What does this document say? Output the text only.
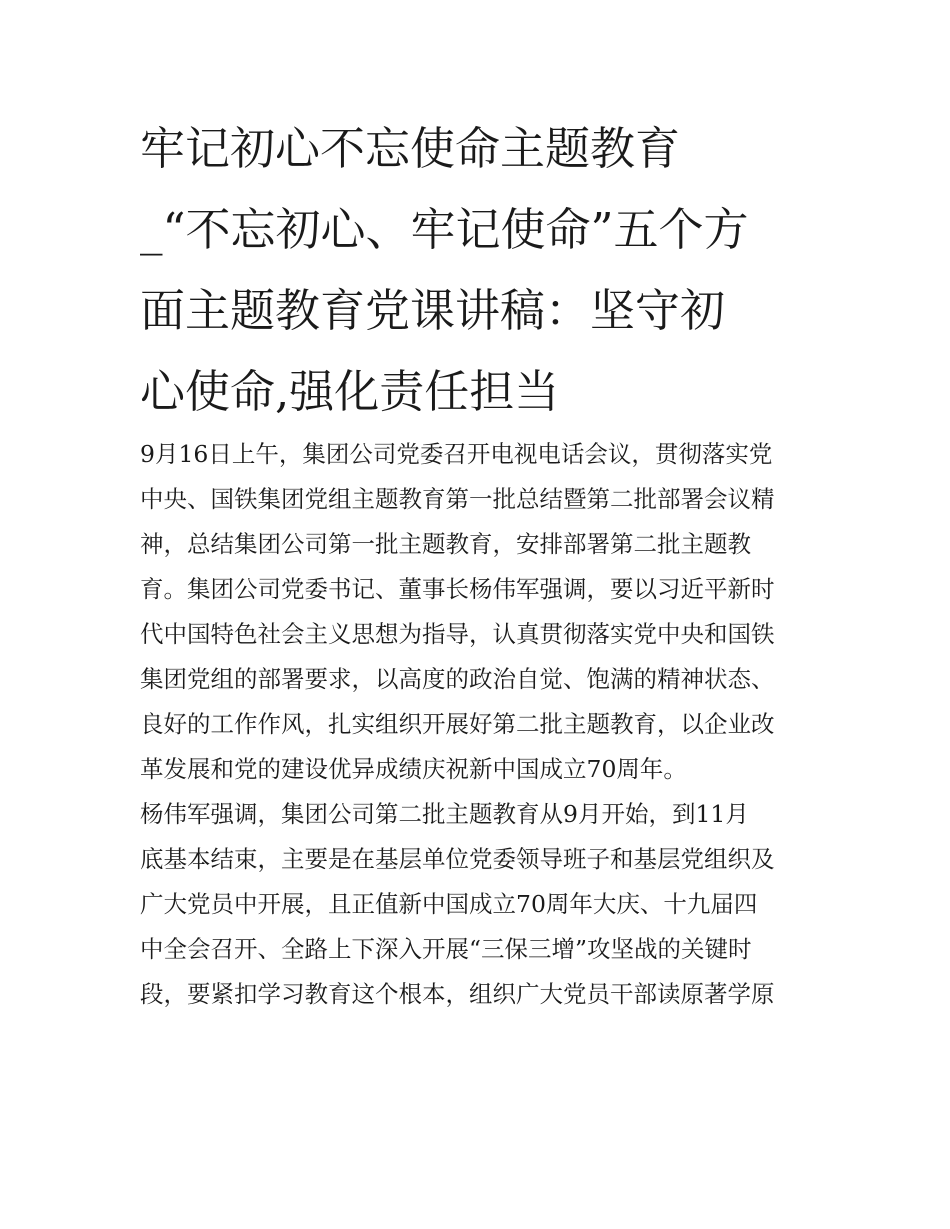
牢记初心不忘使命主题教育
_“不忘初心、牢记使命”五个方
面主题教育党课讲稿：坚守初
心使命,强化责任担当
9月16日上午，集团公司党委召开电视电话会议，贯彻落实党
中央、国铁集团党组主题教育第一批总结暨第二批部署会议精
神，总结集团公司第一批主题教育，安排部署第二批主题教
育。集团公司党委书记、董事长杨伟军强调，要以习近平新时
代中国特色社会主义思想为指导，认真贯彻落实党中央和国铁
集团党组的部署要求，以高度的政治自觉、饱满的精神状态、
良好的工作作风，扎实组织开展好第二批主题教育，以企业改
革发展和党的建设优异成绩庆祝新中国成立70周年。
杨伟军强调，集团公司第二批主题教育从9月开始，到11月
底基本结束，主要是在基层单位党委领导班子和基层党组织及
广大党员中开展，且正值新中国成立70周年大庆、十九届四
中全会召开、全路上下深入开展“三保三增”攻坚战的关键时
段，要紧扣学习教育这个根本，组织广大党员干部读原著学原
